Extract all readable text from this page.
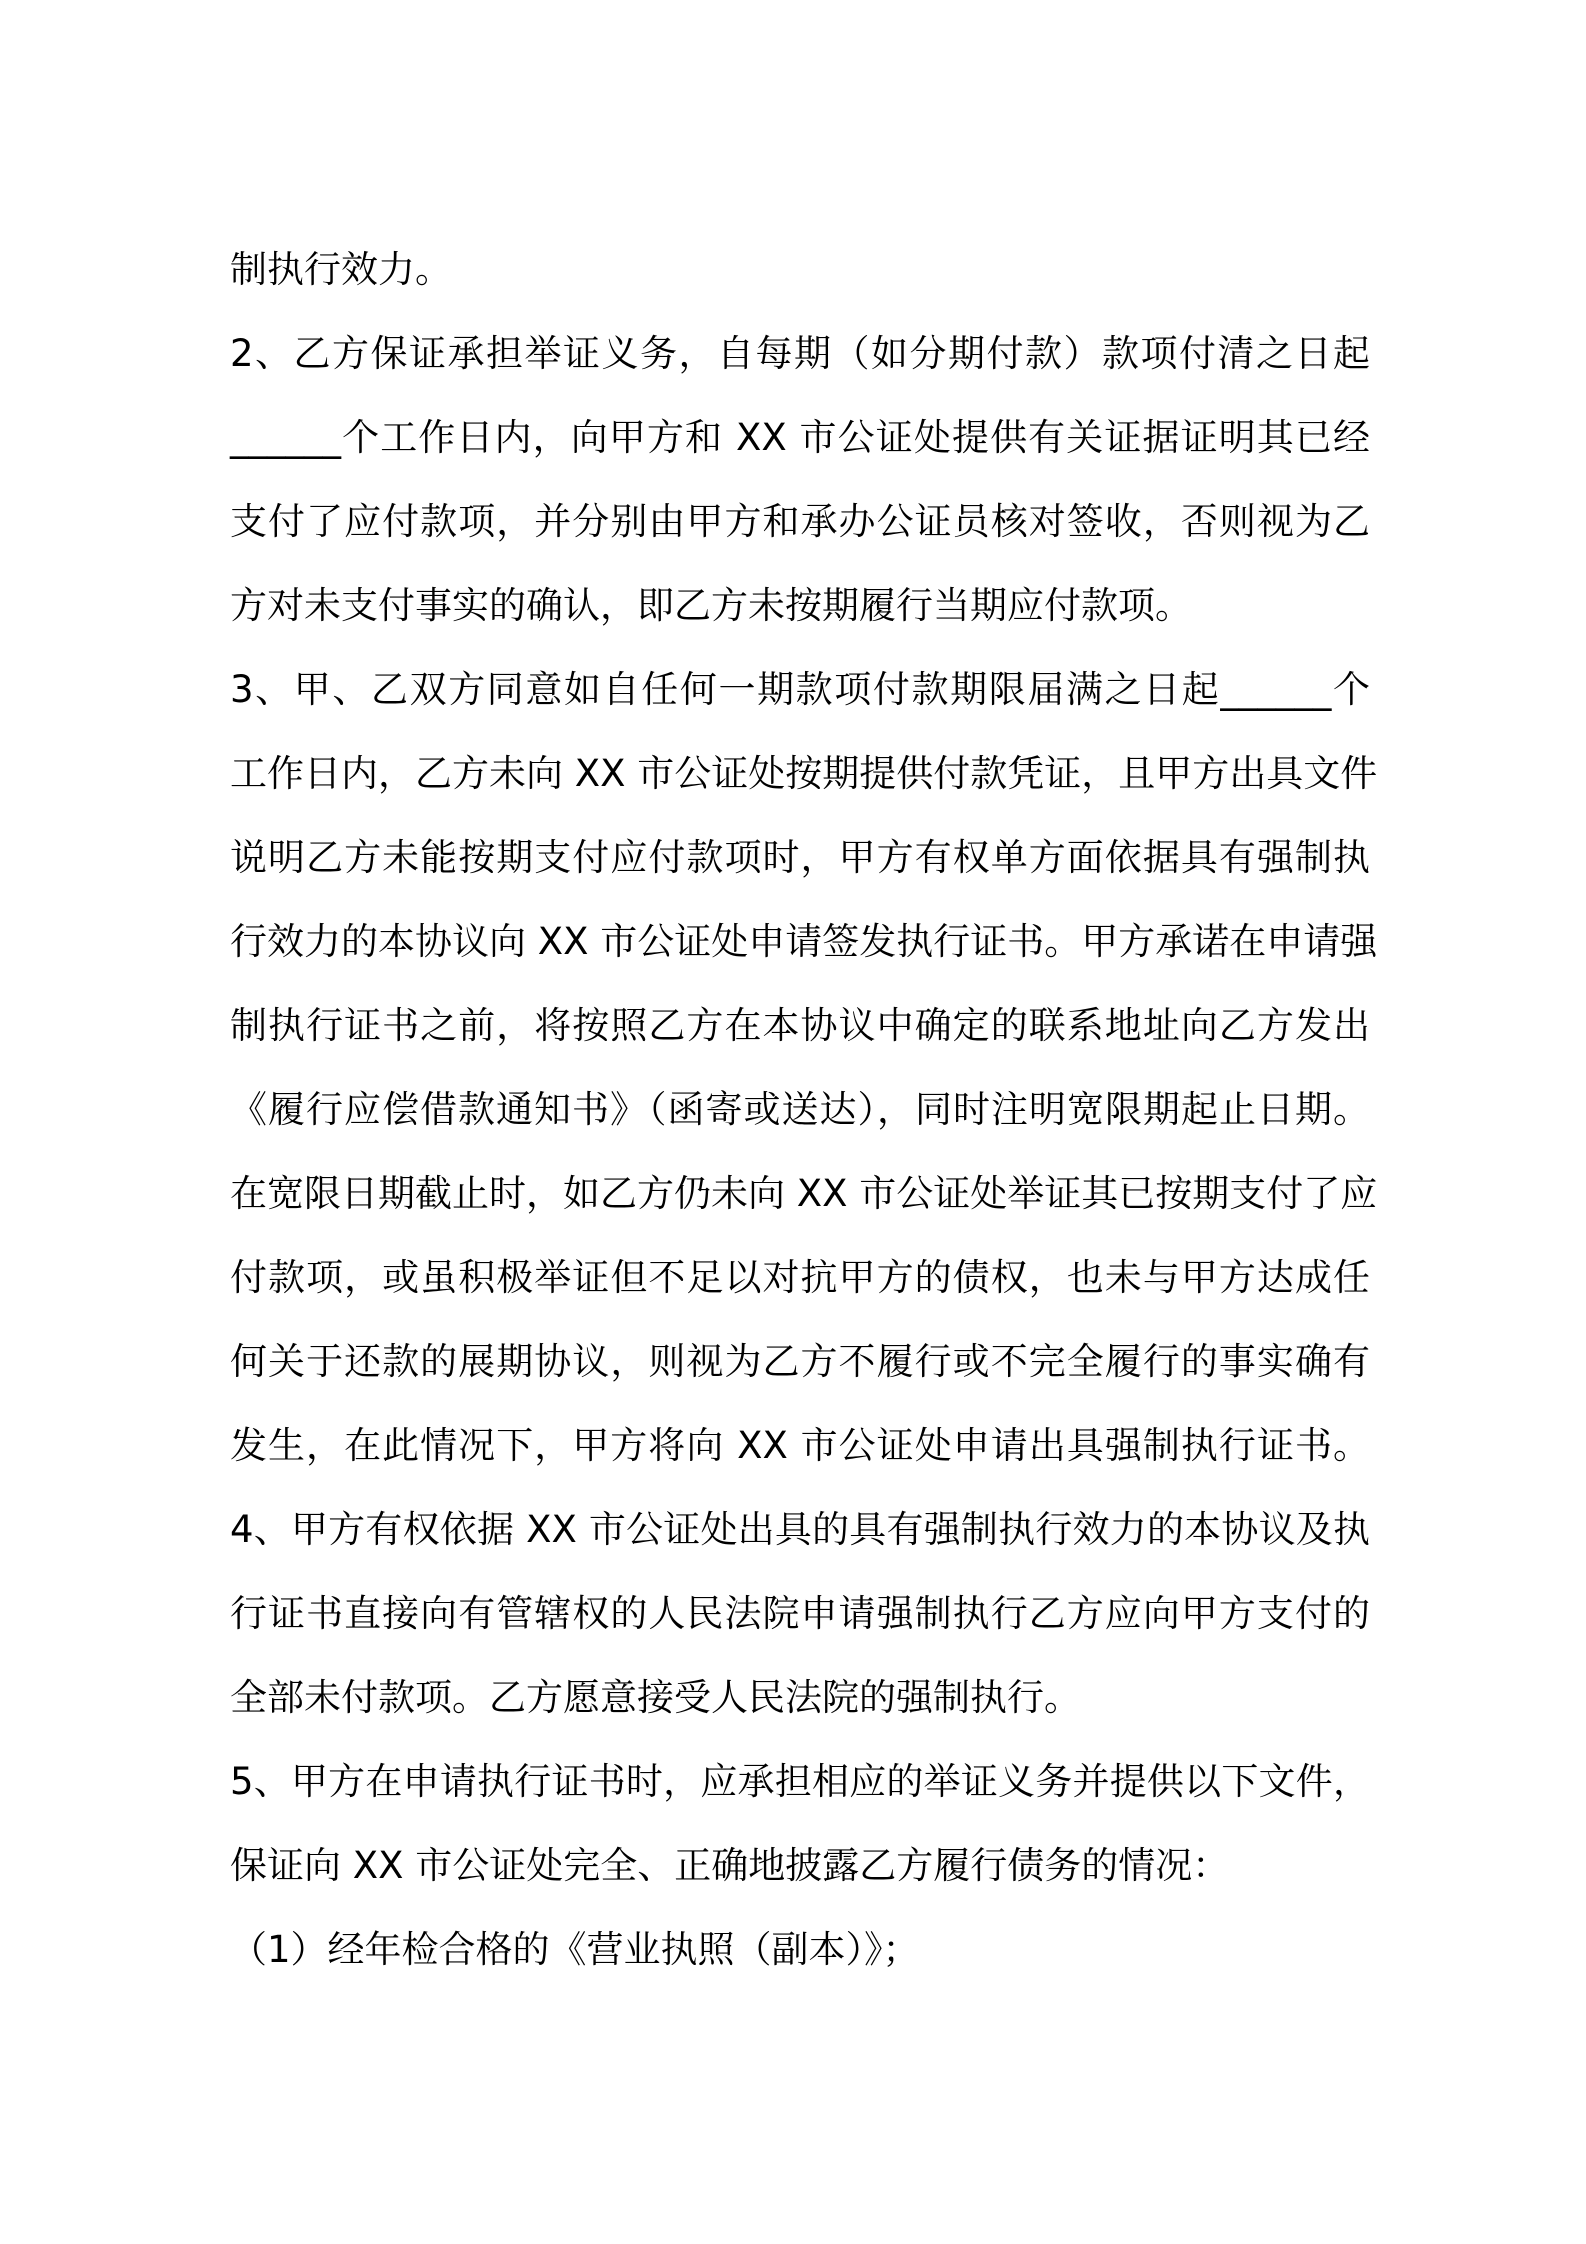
制执行效力。
2、乙方保证承担举证义务，自每期（如分期付款）款项付清之日起
______个工作日内，向甲方和 XX 市公证处提供有关证据证明其已经
支付了应付款项，并分别由甲方和承办公证员核对签收，否则视为乙
方对未支付事实的确认，即乙方未按期履行当期应付款项。
3、甲、乙双方同意如自任何一期款项付款期限届满之日起______个
工作日内，乙方未向 XX 市公证处按期提供付款凭证，且甲方出具文件
说明乙方未能按期支付应付款项时，甲方有权单方面依据具有强制执
行效力的本协议向 XX 市公证处申请签发执行证书。甲方承诺在申请强
制执行证书之前，将按照乙方在本协议中确定的联系地址向乙方发出
《履行应偿借款通知书》（函寄或送达），同时注明宽限期起止日期。
在宽限日期截止时，如乙方仍未向 XX 市公证处举证其已按期支付了应
付款项，或虽积极举证但不足以对抗甲方的债权，也未与甲方达成任
何关于还款的展期协议，则视为乙方不履行或不完全履行的事实确有
发生，在此情况下，甲方将向 XX 市公证处申请出具强制执行证书。
4、甲方有权依据 XX 市公证处出具的具有强制执行效力的本协议及执
行证书直接向有管辖权的人民法院申请强制执行乙方应向甲方支付的
全部未付款项。乙方愿意接受人民法院的强制执行。
5、甲方在申请执行证书时，应承担相应的举证义务并提供以下文件，
保证向 XX 市公证处完全、正确地披露乙方履行债务的情况：
（1）经年检合格的《营业执照（副本）》；
